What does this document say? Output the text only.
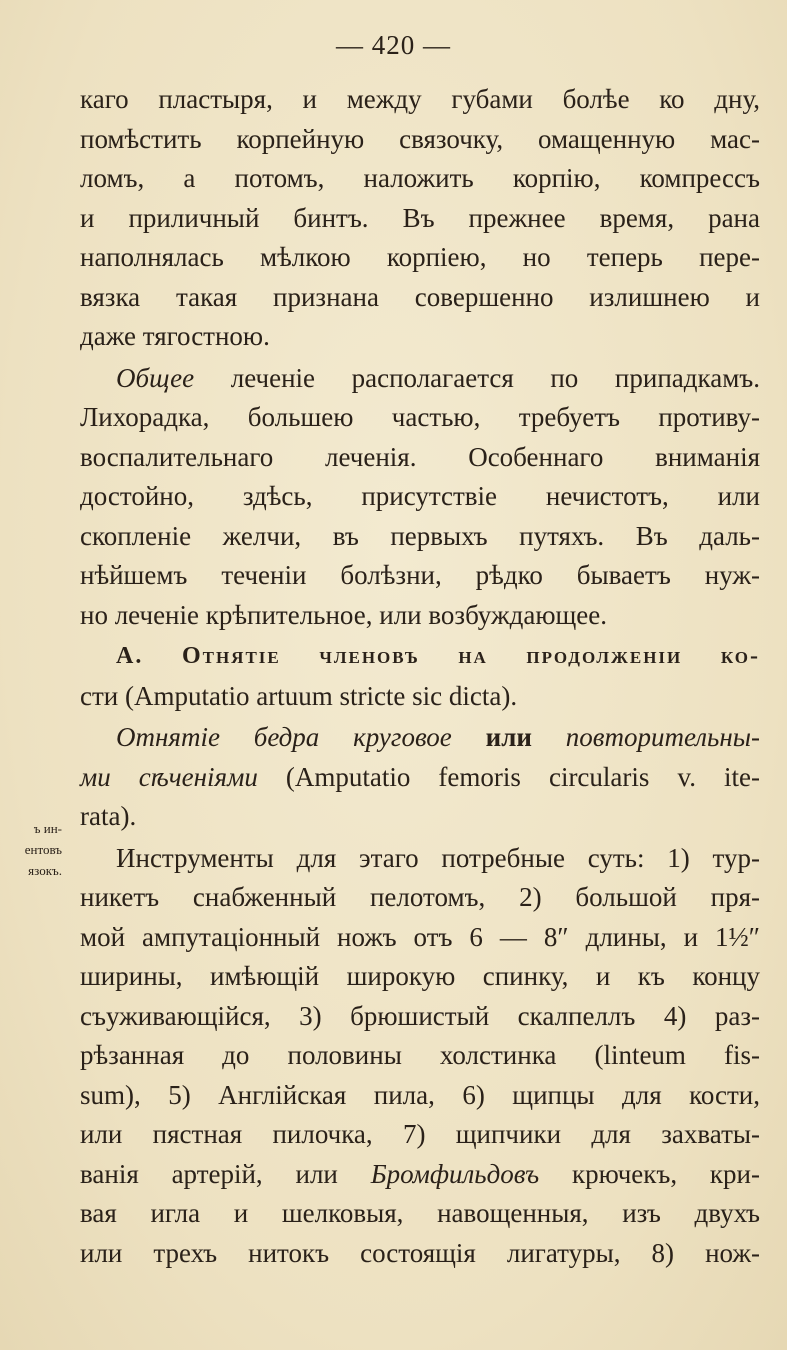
— 420 —
ъ ин-
ентовъ
язокъ.

каго пластыря, и между губами болѣе ко дну,
помѣстить корпейную связочку, омащенную мас-
ломъ, а потомъ, наложить корпію, компрессъ
и приличный бинтъ. Въ прежнее время, рана
наполнялась мѣлкою корпіею, но теперь пере-
вязка такая признана совершенно излишнею и
даже тягостною.

Общее леченіе располагается по припадкамъ.
Лихорадка, большею частью, требуетъ противу-
воспалительнаго леченія. Особеннаго вниманія
достойно, здѣсь, присутствіе нечистотъ, или
скопленіе желчи, въ первыхъ путяхъ. Въ даль-
нѣйшемъ теченіи болѣзни, рѣдко бываетъ нуж-
но леченіе крѣпительное, или возбуждающее.

А. Отнятіе членовъ на продолженіи ко-
сти (Amputatio artuum stricte sic dicta).

Отнятіе бедра круговое или повторительны-
ми сѣченіями (Amputatio femoris circularis v. ite-
rata).

Инструменты для этаго потребные суть: 1) тур-
никетъ снабженный пелотомъ, 2) большой пря-
мой ампутаціонный ножъ отъ 6 — 8″ длины, и 1½″
ширины, имѣющій широкую спинку, и къ концу
съуживающійся, 3) брюшистый скалпеллъ 4) раз-
рѣзанная до половины холстинка (linteum fis-
sum), 5) Англійская пила, 6) щипцы для кости,
или пястная пилочка, 7) щипчики для захваты-
ванія артерій, или Бромфильдовъ крючекъ, кри-
вая игла и шелковыя, навощенныя, изъ двухъ
или трехъ нитокъ состоящія лигатуры, 8) нож-
